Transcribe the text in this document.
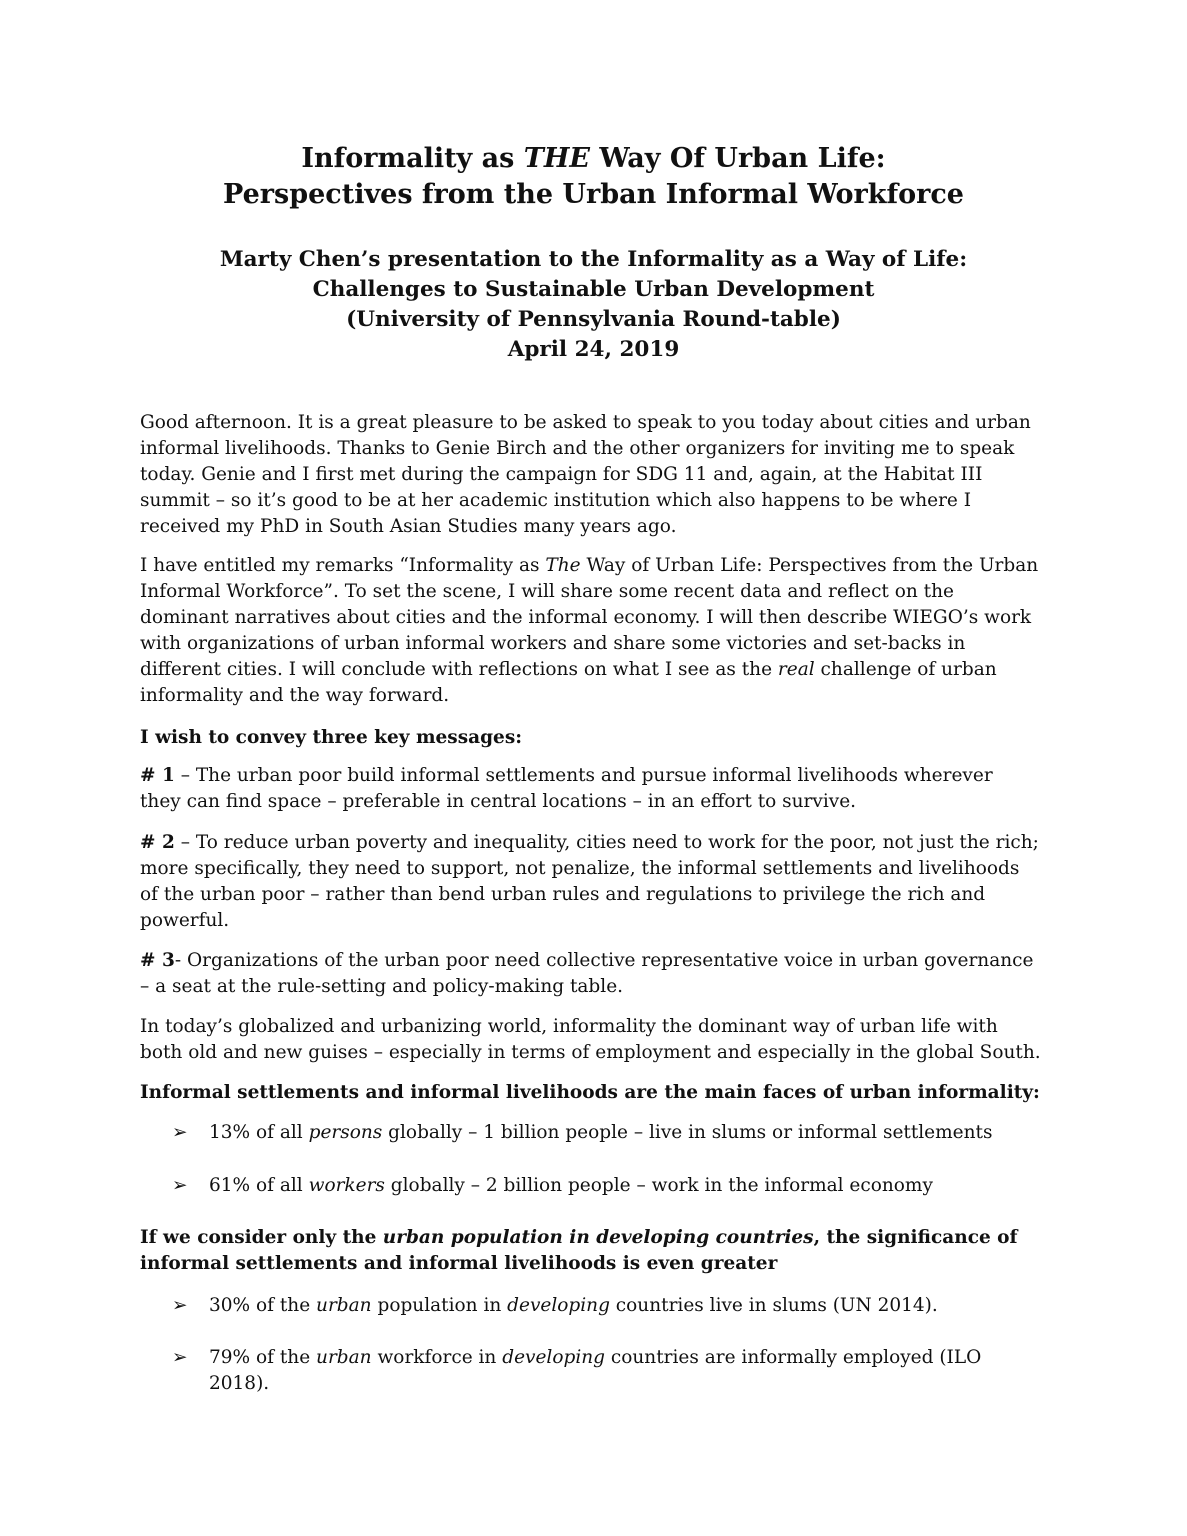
Informality as THE Way Of Urban Life:
Perspectives from the Urban Informal Workforce
Marty Chen’s presentation to the Informality as a Way of Life:
Challenges to Sustainable Urban Development
(University of Pennsylvania Round-table)
April 24, 2019
Good afternoon. It is a great pleasure to be asked to speak to you today about cities and urban
informal livelihoods. Thanks to Genie Birch and the other organizers for inviting me to speak
today. Genie and I first met during the campaign for SDG 11 and, again, at the Habitat III
summit – so it’s good to be at her academic institution which also happens to be where I
received my PhD in South Asian Studies many years ago.
I have entitled my remarks “Informality as The Way of Urban Life: Perspectives from the Urban
Informal Workforce”. To set the scene, I will share some recent data and reflect on the
dominant narratives about cities and the informal economy. I will then describe WIEGO’s work
with organizations of urban informal workers and share some victories and set-backs in
different cities. I will conclude with reflections on what I see as the real challenge of urban
informality and the way forward.
I wish to convey three key messages:
# 1 – The urban poor build informal settlements and pursue informal livelihoods wherever
they can find space – preferable in central locations – in an effort to survive.
# 2 – To reduce urban poverty and inequality, cities need to work for the poor, not just the rich;
more specifically, they need to support, not penalize, the informal settlements and livelihoods
of the urban poor – rather than bend urban rules and regulations to privilege the rich and
powerful.
# 3- Organizations of the urban poor need collective representative voice in urban governance
– a seat at the rule-setting and policy-making table.
In today’s globalized and urbanizing world, informality the dominant way of urban life with
both old and new guises – especially in terms of employment and especially in the global South.
Informal settlements and informal livelihoods are the main faces of urban informality:
➢	13% of all persons globally – 1 billion people – live in slums or informal settlements
➢	61% of all workers globally – 2 billion people – work in the informal economy
If we consider only the urban population in developing countries, the significance of
informal settlements and informal livelihoods is even greater
➢	30% of the urban population in developing countries live in slums (UN 2014).
➢	79% of the urban workforce in developing countries are informally employed (ILO
2018).
